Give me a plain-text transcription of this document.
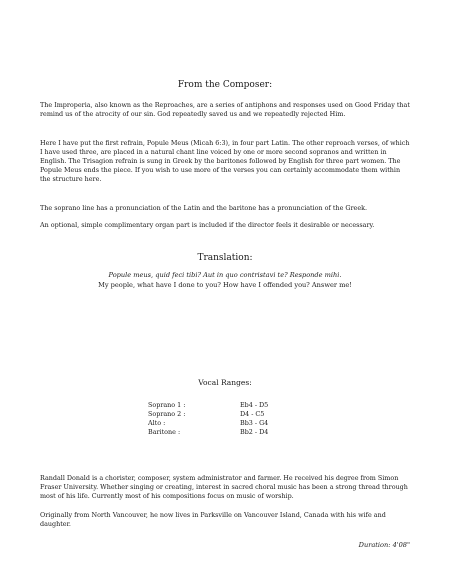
From the Composer:
The Improperia, also known as the Reproaches, are a series of antiphons and responses used on Good Friday that remind us of the atrocity of our sin. God repeatedly saved us and we repeatedly rejected Him.
Here I have put the first refrain, Popule Meus (Micah 6:3), in four part Latin. The other reproach verses, of which I have used three, are placed in a natural chant line voiced by one or more second sopranos and written in English. The Trisagion refrain is sung in Greek by the baritones followed by English for three part women. The Popule Meus ends the piece. If you wish to use more of the verses you can certainly accommodate them within the structure here.
The soprano line has a pronunciation of the Latin and the baritone has a pronunciation of the Greek.
An optional, simple complimentary organ part is included if the director feels it desirable or necessary.
Translation:
Popule meus, quid feci tibi? Aut in quo contristavi te? Responde mihi.
My people, what have I done to you? How have I offended you? Answer me!
Vocal Ranges:
Soprano 1 :	Eb4 - D5
Soprano 2 :	D4 - C5
Alto :	Bb3 - G4
Baritone :	Bb2 - D4
Randall Donald is a chorister, composer, system administrator and farmer. He received his degree from Simon Fraser University. Whether singing or creating, interest in sacred choral music has been a strong thread through most of his life. Currently most of his compositions focus on music of worship.
Originally from North Vancouver, he now lives in Parksville on Vancouver Island, Canada with his wife and daughter.
Duration: 4'08"
